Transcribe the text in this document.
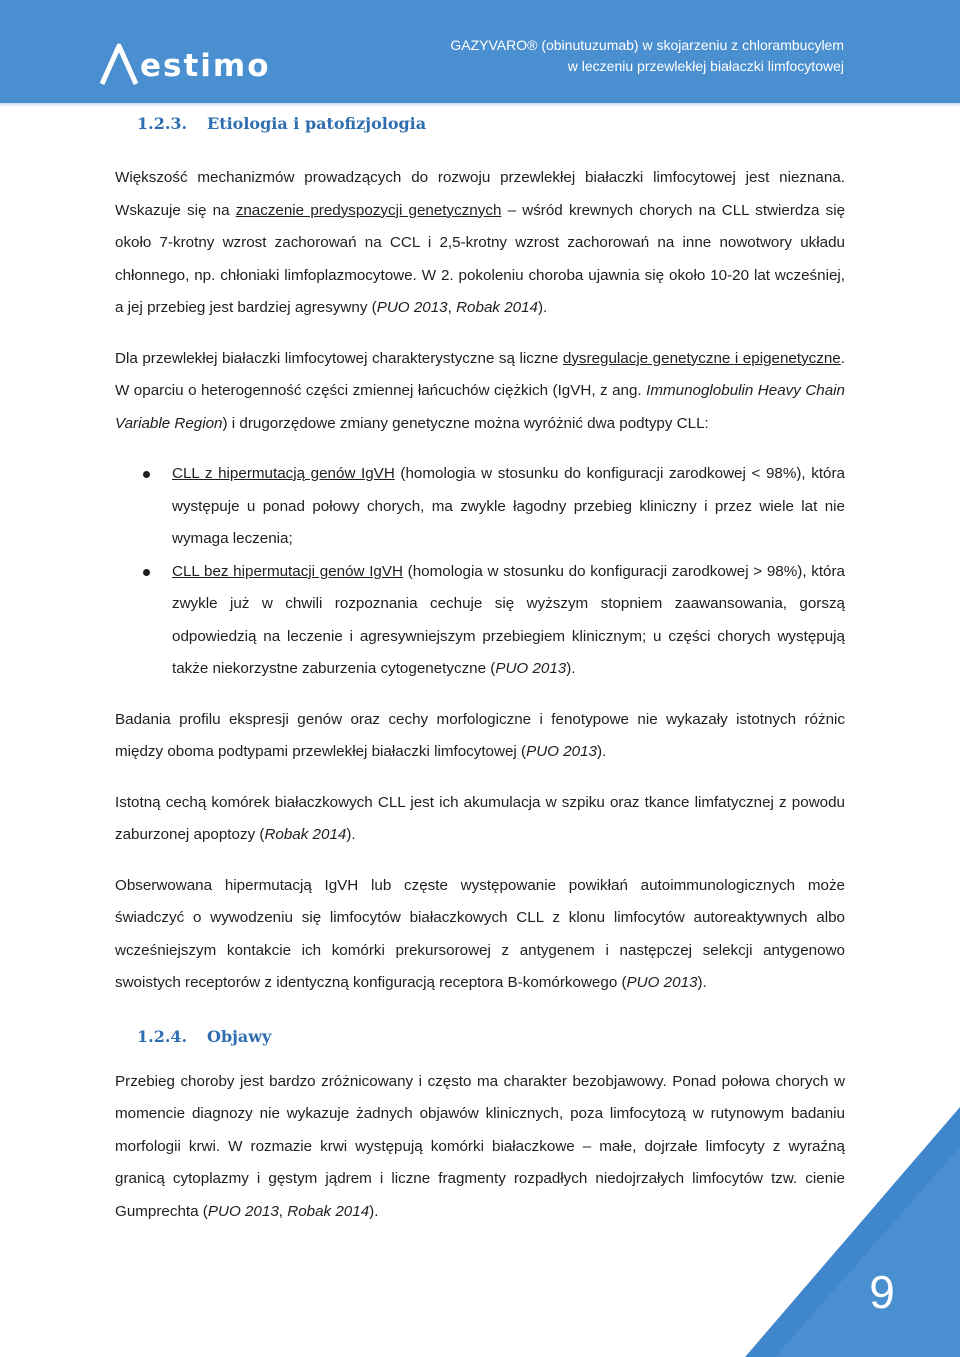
estimo
GAZYVARO® (obinutuzumab) w skojarzeniu z chlorambucylem
w leczeniu przewlekłej białaczki limfocytowej
1.2.3.	Etiologia i patofizjologia

Większość mechanizmów prowadzących do rozwoju przewlekłej białaczki limfocytowej jest nieznana. Wskazuje się na znaczenie predyspozycji genetycznych – wśród krewnych chorych na CLL stwierdza się około 7-krotny wzrost zachorowań na CCL i 2,5-krotny wzrost zachorowań na inne nowotwory układu chłonnego, np. chłoniaki limfoplazmocytowe. W 2. pokoleniu choroba ujawnia się około 10-20 lat wcześniej, a jej przebieg jest bardziej agresywny (PUO 2013, Robak 2014).

Dla przewlekłej białaczki limfocytowej charakterystyczne są liczne dysregulacje genetyczne i epigenetyczne. W oparciu o heterogenność części zmiennej łańcuchów ciężkich (IgVH, z ang. Immunoglobulin Heavy Chain Variable Region) i drugorzędowe zmiany genetyczne można wyróżnić dwa podtypy CLL:

CLL z hipermutacją genów IgVH (homologia w stosunku do konfiguracji zarodkowej < 98%), która występuje u ponad połowy chorych, ma zwykle łagodny przebieg kliniczny i przez wiele lat nie wymaga leczenia;
CLL bez hipermutacji genów IgVH (homologia w stosunku do konfiguracji zarodkowej > 98%), która zwykle już w chwili rozpoznania cechuje się wyższym stopniem zaawansowania, gorszą odpowiedzią na leczenie i agresywniejszym przebiegiem klinicznym; u części chorych występują także niekorzystne zaburzenia cytogenetyczne (PUO 2013).

Badania profilu ekspresji genów oraz cechy morfologiczne i fenotypowe nie wykazały istotnych różnic między oboma podtypami przewlekłej białaczki limfocytowej (PUO 2013).

Istotną cechą komórek białaczkowych CLL jest ich akumulacja w szpiku oraz tkance limfatycznej z powodu zaburzonej apoptozy (Robak 2014).

Obserwowana hipermutacją IgVH lub częste występowanie powikłań autoimmunologicznych może świadczyć o wywodzeniu się limfocytów białaczkowych CLL z klonu limfocytów autoreaktywnych albo wcześniejszym kontakcie ich komórki prekursorowej z antygenem i następczej selekcji antygenowo swoistych receptorów z identyczną konfiguracją receptora B-komórkowego (PUO 2013).

1.2.4.	Objawy

Przebieg choroby jest bardzo zróżnicowany i często ma charakter bezobjawowy. Ponad połowa chorych w momencie diagnozy nie wykazuje żadnych objawów klinicznych, poza limfocytozą w rutynowym badaniu morfologii krwi. W rozmazie krwi występują komórki białaczkowe – małe, dojrzałe limfocyty z wyraźną granicą cytoplazmy i gęstym jądrem i liczne fragmenty rozpadłych niedojrzałych limfocytów tzw. cienie Gumprechta (PUO 2013, Robak 2014).

9
